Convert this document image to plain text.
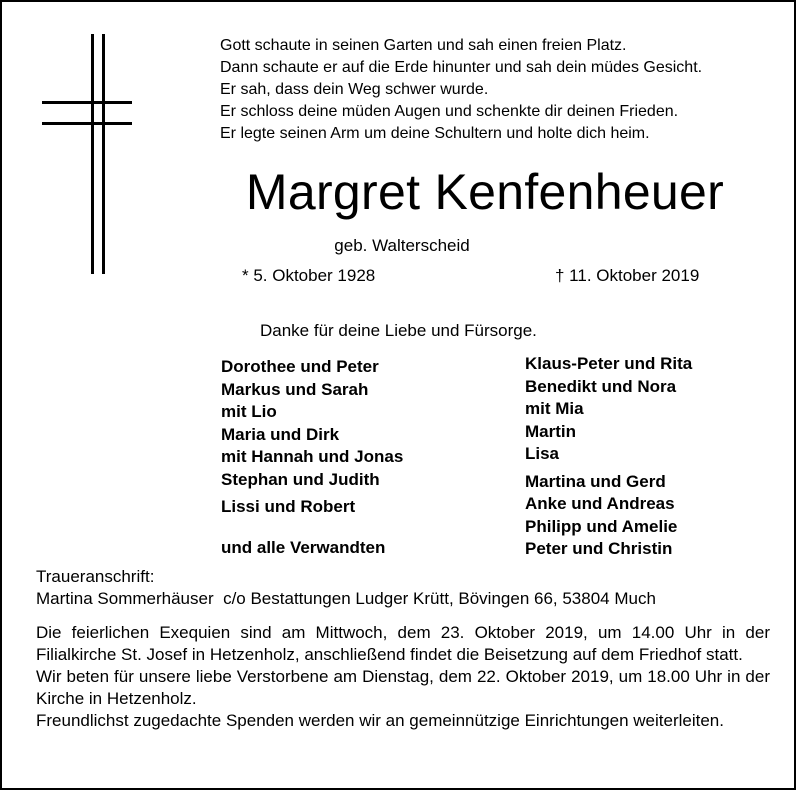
Gott schaute in seinen Garten und sah einen freien Platz.
Dann schaute er auf die Erde hinunter und sah dein müdes Gesicht.
Er sah, dass dein Weg schwer wurde.
Er schloss deine müden Augen und schenkte dir deinen Frieden.
Er legte seinen Arm um deine Schultern und holte dich heim.
Margret Kenfenheuer
geb. Walterscheid
* 5. Oktober 1928	† 11. Oktober 2019
Danke für deine Liebe und Fürsorge.
Dorothee und Peter
Markus und Sarah
mit Lio
Maria und Dirk
mit Hannah und Jonas
Stephan und Judith
Lissi und Robert
und alle Verwandten
Klaus-Peter und Rita
Benedikt und Nora
mit Mia
Martin
Lisa
Martina und Gerd
Anke und Andreas
Philipp und Amelie
Peter und Christin
Traueranschrift:
Martina Sommerhäuser  c/o Bestattungen Ludger Krütt, Bövingen 66, 53804 Much

Die feierlichen Exequien sind am Mittwoch, dem 23. Oktober 2019, um 14.00 Uhr in der Filialkirche St. Josef in Hetzenholz, anschließend findet die Beisetzung auf dem Friedhof statt.

Wir beten für unsere liebe Verstorbene am Dienstag, dem 22. Oktober 2019, um 18.00 Uhr in der Kirche in Hetzenholz.

Freundlichst zugedachte Spenden werden wir an gemeinnützige Einrichtungen weiterleiten.
